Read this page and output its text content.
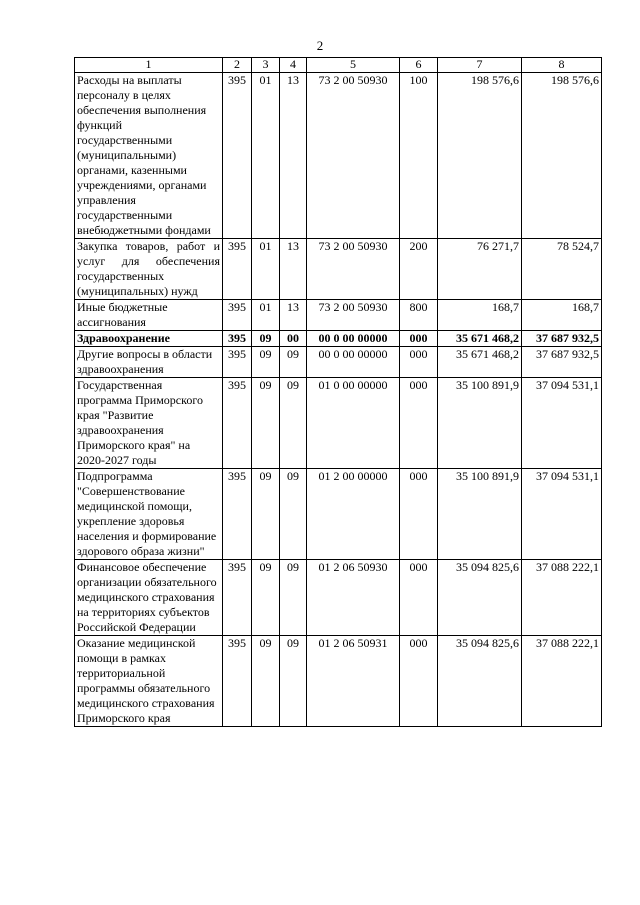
2
1	2	3	4	5	6	7	8
Расходы на выплаты персоналу в целях обеспечения выполнения функций государственными (муниципальными) органами, казенными учреждениями, органами управления государственными внебюджетными фондами	395	01	13	73 2 00 50930	100	198 576,6	198 576,6
Закупка товаров, работ и услуг для обеспечения государственных (муниципальных) нужд	395	01	13	73 2 00 50930	200	76 271,7	78 524,7
Иные бюджетные ассигнования	395	01	13	73 2 00 50930	800	168,7	168,7
Здравоохранение	395	09	00	00 0 00 00000	000	35 671 468,2	37 687 932,5
Другие вопросы в области здравоохранения	395	09	09	00 0 00 00000	000	35 671 468,2	37 687 932,5
Государственная программа Приморского края "Развитие здравоохранения Приморского края" на 2020-2027 годы	395	09	09	01 0 00 00000	000	35 100 891,9	37 094 531,1
Подпрограмма "Совершенствование медицинской помощи, укрепление здоровья населения и формирование здорового образа жизни"	395	09	09	01 2 00 00000	000	35 100 891,9	37 094 531,1
Финансовое обеспечение организации обязательного медицинского страхования на территориях субъектов Российской Федерации	395	09	09	01 2 06 50930	000	35 094 825,6	37 088 222,1
Оказание медицинской помощи в рамках территориальной программы обязательного медицинского страхования Приморского края	395	09	09	01 2 06 50931	000	35 094 825,6	37 088 222,1
